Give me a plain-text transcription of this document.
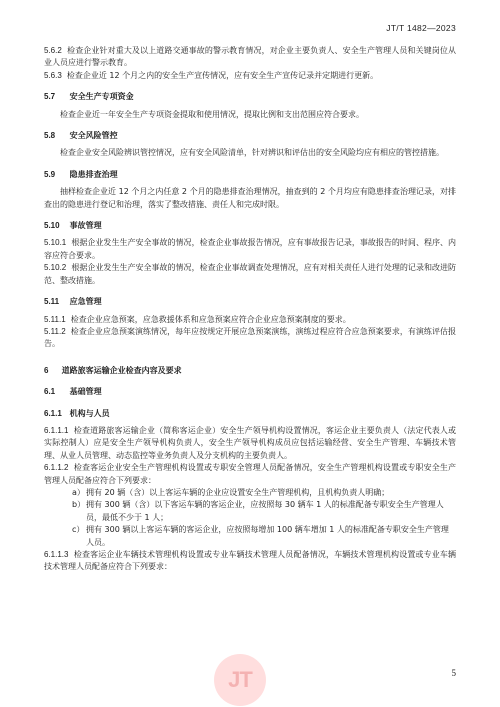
JT/T 1482—2023

5.6.2 检查企业针对重大及以上道路交通事故的警示教育情况，对企业主要负责人、安全生产管理人员和关键岗位从业人员应进行警示教育。

5.6.3 检查企业近 12 个月之内的安全生产宣传情况，应有安全生产宣传记录并定期进行更新。

5.7 安全生产专项资金

检查企业近一年安全生产专项资金提取和使用情况，提取比例和支出范围应符合要求。

5.8 安全风险管控

检查企业安全风险辨识管控情况，应有安全风险清单，针对辨识和评估出的安全风险均应有相应的管控措施。

5.9 隐患排查治理

抽样检查企业近 12 个月之内任意 2 个月的隐患排查治理情况，抽查到的 2 个月均应有隐患排查治理记录，对排查出的隐患进行登记和治理，落实了整改措施、责任人和完成时限。

5.10 事故管理

5.10.1 根据企业发生生产安全事故的情况，检查企业事故报告情况，应有事故报告记录，事故报告的时间、程序、内容应符合要求。

5.10.2 根据企业发生生产安全事故的情况，检查企业事故调查处理情况，应有对相关责任人进行处理的记录和改进防范、整改措施。

5.11 应急管理

5.11.1 检查企业应急预案，应急救援体系和应急预案应符合企业应急预案制度的要求。

5.11.2 检查企业应急预案演练情况，每年应按规定开展应急预案演练，演练过程应符合应急预案要求，有演练评估报告。

6 道路旅客运输企业检查内容及要求

6.1 基础管理

6.1.1 机构与人员

6.1.1.1 检查道路旅客运输企业（简称客运企业）安全生产领导机构设置情况，客运企业主要负责人（法定代表人或实际控制人）应是安全生产领导机构负责人，安全生产领导机构成员应包括运输经营、安全生产管理、车辆技术管理、从业人员管理、动态监控等业务负责人及分支机构的主要负责人。

6.1.1.2 检查客运企业安全生产管理机构设置或专职安全管理人员配备情况，安全生产管理机构设置或专职安全生产管理人员配备应符合下列要求：

a） 拥有 20 辆（含）以上客运车辆的企业应设置安全生产管理机构，且机构负责人明确；

b） 拥有 300 辆（含）以下客运车辆的客运企业，应按照每 30 辆车 1 人的标准配备专职安全生产管理人员，最低不少于 1 人；

c） 拥有 300 辆以上客运车辆的客运企业，应按照每增加 100 辆车增加 1 人的标准配备专职安全生产管理人员。

6.1.1.3 检查客运企业车辆技术管理机构设置或专业车辆技术管理人员配备情况，车辆技术管理机构设置或专业车辆技术管理人员配备应符合下列要求：

JT	5
